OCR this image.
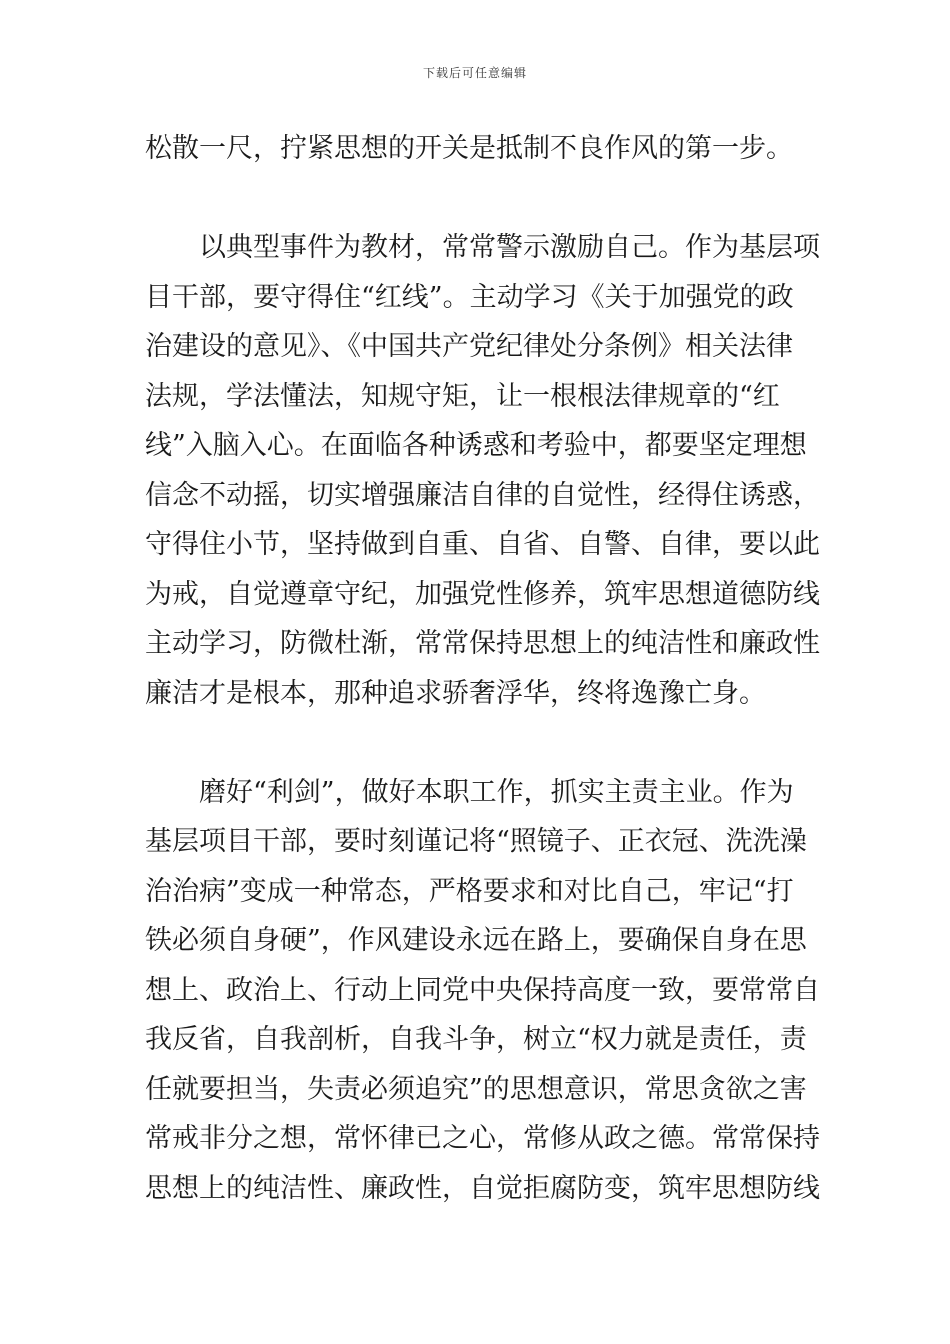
下载后可任意编辑
松散一尺，拧紧思想的开关是抵制不良作风的第一步。
以典型事件为教材，常常警示激励自己。作为基层项
目干部，要守得住“红线”。主动学习《关于加强党的政
治建设的意见》、《中国共产党纪律处分条例》相关法律
法规，学法懂法，知规守矩，让一根根法律规章的“红
线”入脑入心。在面临各种诱惑和考验中，都要坚定理想
信念不动摇，切实增强廉洁自律的自觉性，经得住诱惑，
守得住小节，坚持做到自重、自省、自警、自律，要以此
为戒，自觉遵章守纪，加强党性修养，筑牢思想道德防线
主动学习，防微杜渐，常常保持思想上的纯洁性和廉政性
廉洁才是根本，那种追求骄奢浮华，终将逸豫亡身。
磨好“利剑”，做好本职工作，抓实主责主业。作为
基层项目干部，要时刻谨记将“照镜子、正衣冠、洗洗澡
治治病”变成一种常态，严格要求和对比自己，牢记“打
铁必须自身硬”，作风建设永远在路上，要确保自身在思
想上、政治上、行动上同党中央保持高度一致，要常常自
我反省，自我剖析，自我斗争，树立“权力就是责任，责
任就要担当，失责必须追究”的思想意识，常思贪欲之害
常戒非分之想，常怀律已之心，常修从政之德。常常保持
思想上的纯洁性、廉政性，自觉拒腐防变，筑牢思想防线
